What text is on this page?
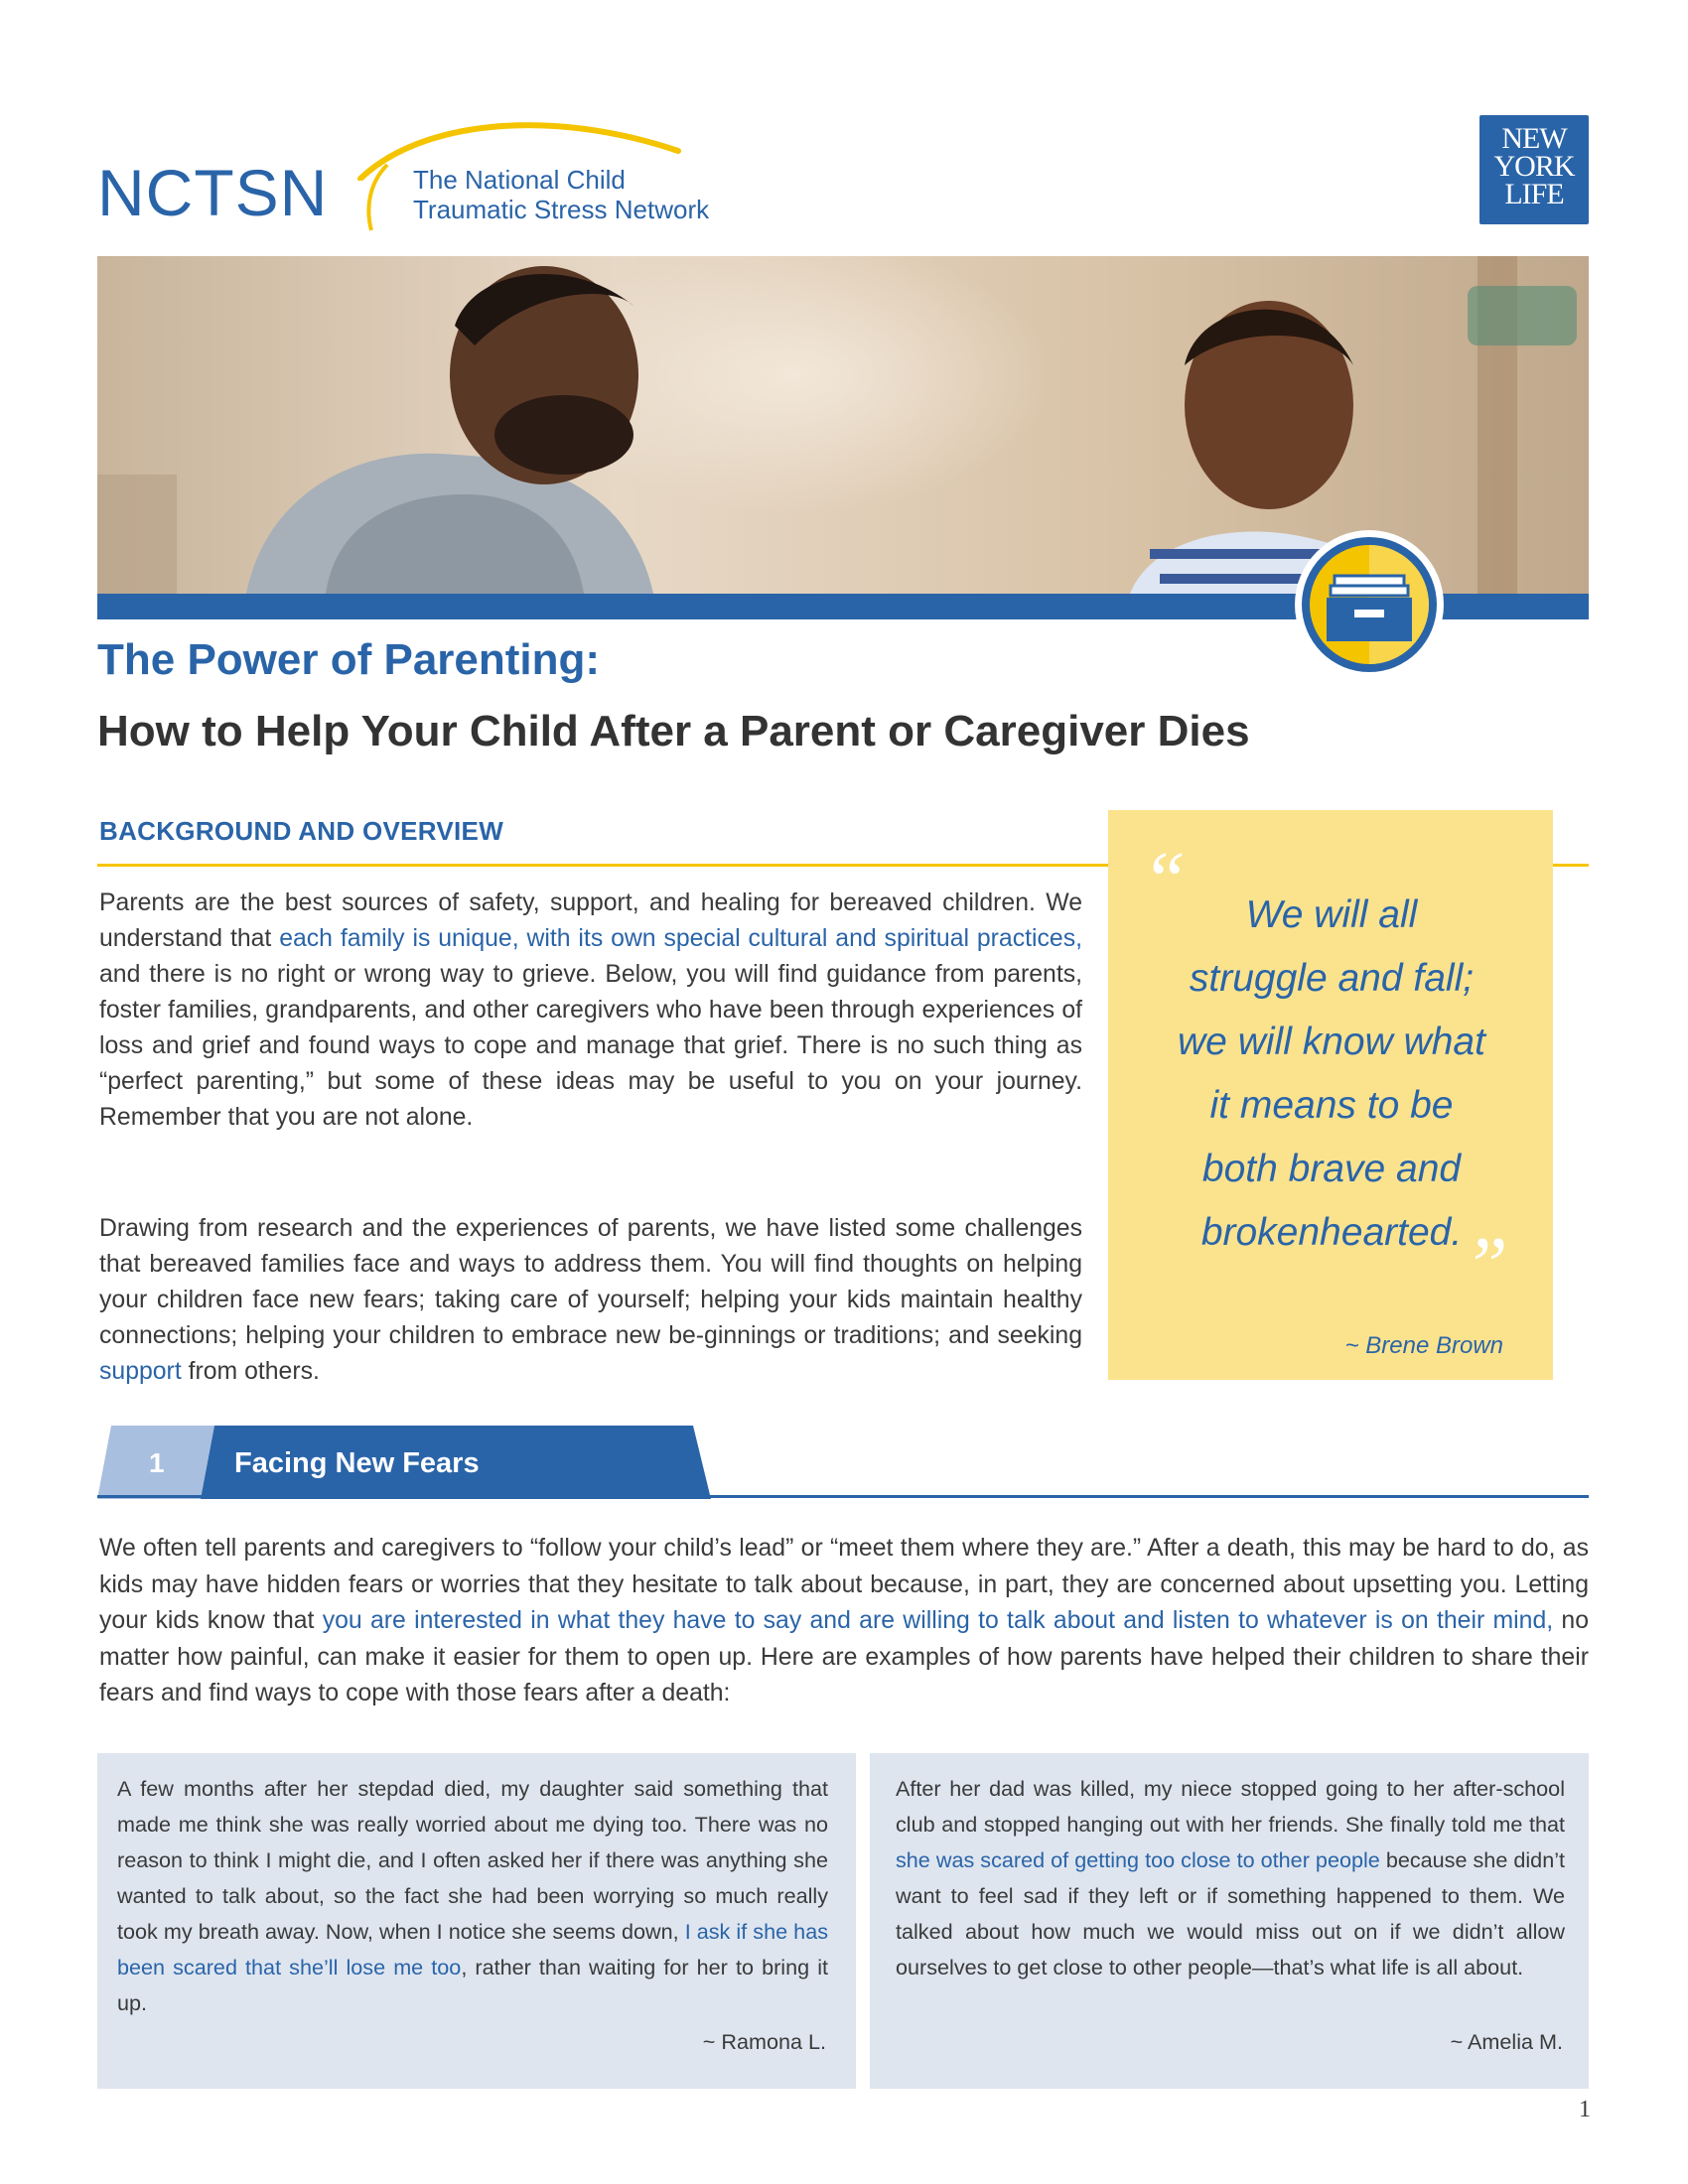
NCTSN	The National Child
Traumatic Stress Network
NEW
YORK
LIFE
The Power of Parenting:
How to Help Your Child After a Parent or Caregiver Dies
BACKGROUND AND OVERVIEW
Parents are the best sources of safety, support, and healing for bereaved children. We understand that each family is unique, with its own special cultural and spiritual practices, and there is no right or wrong way to grieve. Below, you will find guidance from parents, foster families, grandparents, and other caregivers who have been through experiences of loss and grief and found ways to cope and manage that grief. There is no such thing as “perfect parenting,” but some of these ideas may be useful to you on your journey. Remember that you are not alone.
Drawing from research and the experiences of parents, we have listed some challenges that bereaved families face and ways to address them. You will find thoughts on helping your children face new fears; taking care of yourself; helping your kids maintain healthy connections; helping your children to embrace new be-ginnings or traditions; and seeking support from others.
“	We will all
struggle and fall;
we will know what
it means to be
both brave and
brokenhearted. ”
~ Brene Brown
1 Facing New Fears
We often tell parents and caregivers to “follow your child’s lead” or “meet them where they are.” After a death, this may be hard to do, as kids may have hidden fears or worries that they hesitate to talk about because, in part, they are concerned about upsetting you. Letting your kids know that you are interested in what they have to say and are willing to talk about and listen to whatever is on their mind, no matter how painful, can make it easier for them to open up. Here are examples of how parents have helped their children to share their fears and find ways to cope with those fears after a death:
A few months after her stepdad died, my daughter said something that made me think she was really worried about me dying too. There was no reason to think I might die, and I often asked her if there was anything she wanted to talk about, so the fact she had been worrying so much really took my breath away. Now, when I notice she seems down, I ask if she has been scared that she’ll lose me too, rather than waiting for her to bring it up.
~ Ramona L.
After her dad was killed, my niece stopped going to her after-school club and stopped hanging out with her friends. She finally told me that she was scared of getting too close to other people because she didn’t want to feel sad if they left or if something happened to them. We talked about how much we would miss out on if we didn’t allow ourselves to get close to other people—that’s what life is all about.
~ Amelia M.
1
